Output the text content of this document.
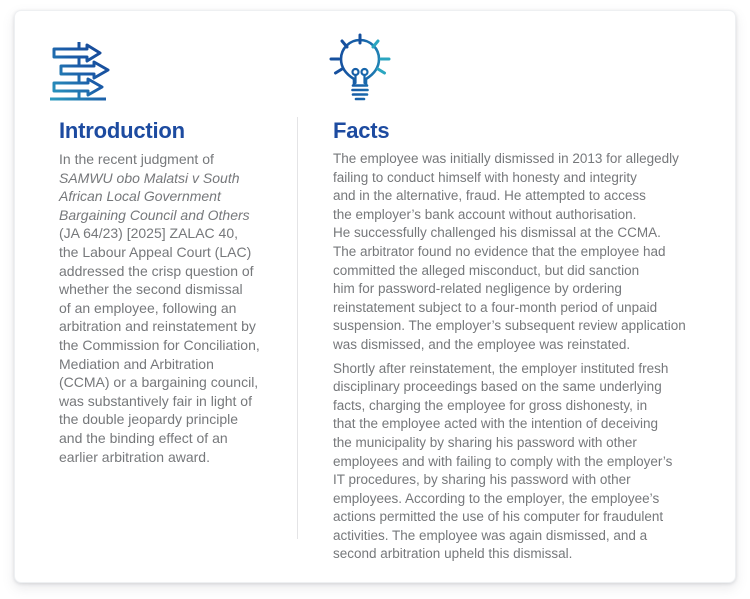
Introduction
In the recent judgment of
SAMWU obo Malatsi v South
African Local Government
Bargaining Council and Others
(JA 64/23) [2025] ZALAC 40,
the Labour Appeal Court (LAC)
addressed the crisp question of
whether the second dismissal
of an employee, following an
arbitration and reinstatement by
the Commission for Conciliation,
Mediation and Arbitration
(CCMA) or a bargaining council,
was substantively fair in light of
the double jeopardy principle
and the binding effect of an
earlier arbitration award.
Facts
The employee was initially dismissed in 2013 for allegedly
failing to conduct himself with honesty and integrity
and in the alternative, fraud. He attempted to access
the employer’s bank account without authorisation.
He successfully challenged his dismissal at the CCMA.
The arbitrator found no evidence that the employee had
committed the alleged misconduct, but did sanction
him for password-related negligence by ordering
reinstatement subject to a four-month period of unpaid
suspension. The employer’s subsequent review application
was dismissed, and the employee was reinstated.
Shortly after reinstatement, the employer instituted fresh
disciplinary proceedings based on the same underlying
facts, charging the employee for gross dishonesty, in
that the employee acted with the intention of deceiving
the municipality by sharing his password with other
employees and with failing to comply with the employer’s
IT procedures, by sharing his password with other
employees. According to the employer, the employee’s
actions permitted the use of his computer for fraudulent
activities. The employee was again dismissed, and a
second arbitration upheld this dismissal.
